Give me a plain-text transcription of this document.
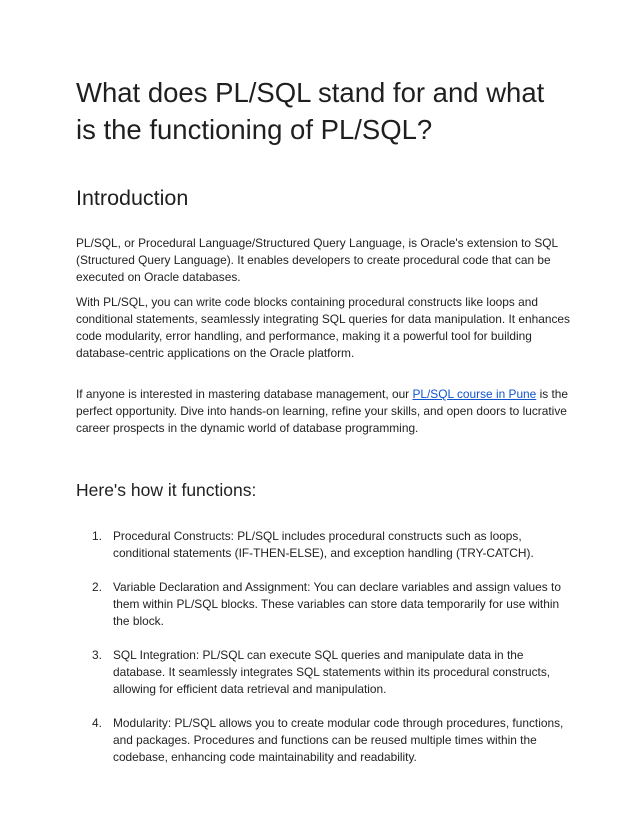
What does PL/SQL stand for and what is the functioning of PL/SQL?
Introduction

PL/SQL, or Procedural Language/Structured Query Language, is Oracle's extension to SQL (Structured Query Language). It enables developers to create procedural code that can be executed on Oracle databases.

With PL/SQL, you can write code blocks containing procedural constructs like loops and conditional statements, seamlessly integrating SQL queries for data manipulation. It enhances code modularity, error handling, and performance, making it a powerful tool for building database-centric applications on the Oracle platform.

If anyone is interested in mastering database management, our PL/SQL course in Pune is the perfect opportunity. Dive into hands-on learning, refine your skills, and open doors to lucrative career prospects in the dynamic world of database programming.

Here's how it functions:
1. Procedural Constructs: PL/SQL includes procedural constructs such as loops, conditional statements (IF-THEN-ELSE), and exception handling (TRY-CATCH).
2. Variable Declaration and Assignment: You can declare variables and assign values to them within PL/SQL blocks. These variables can store data temporarily for use within the block.
3. SQL Integration: PL/SQL can execute SQL queries and manipulate data in the database. It seamlessly integrates SQL statements within its procedural constructs, allowing for efficient data retrieval and manipulation.
4. Modularity: PL/SQL allows you to create modular code through procedures, functions, and packages. Procedures and functions can be reused multiple times within the codebase, enhancing code maintainability and readability.
